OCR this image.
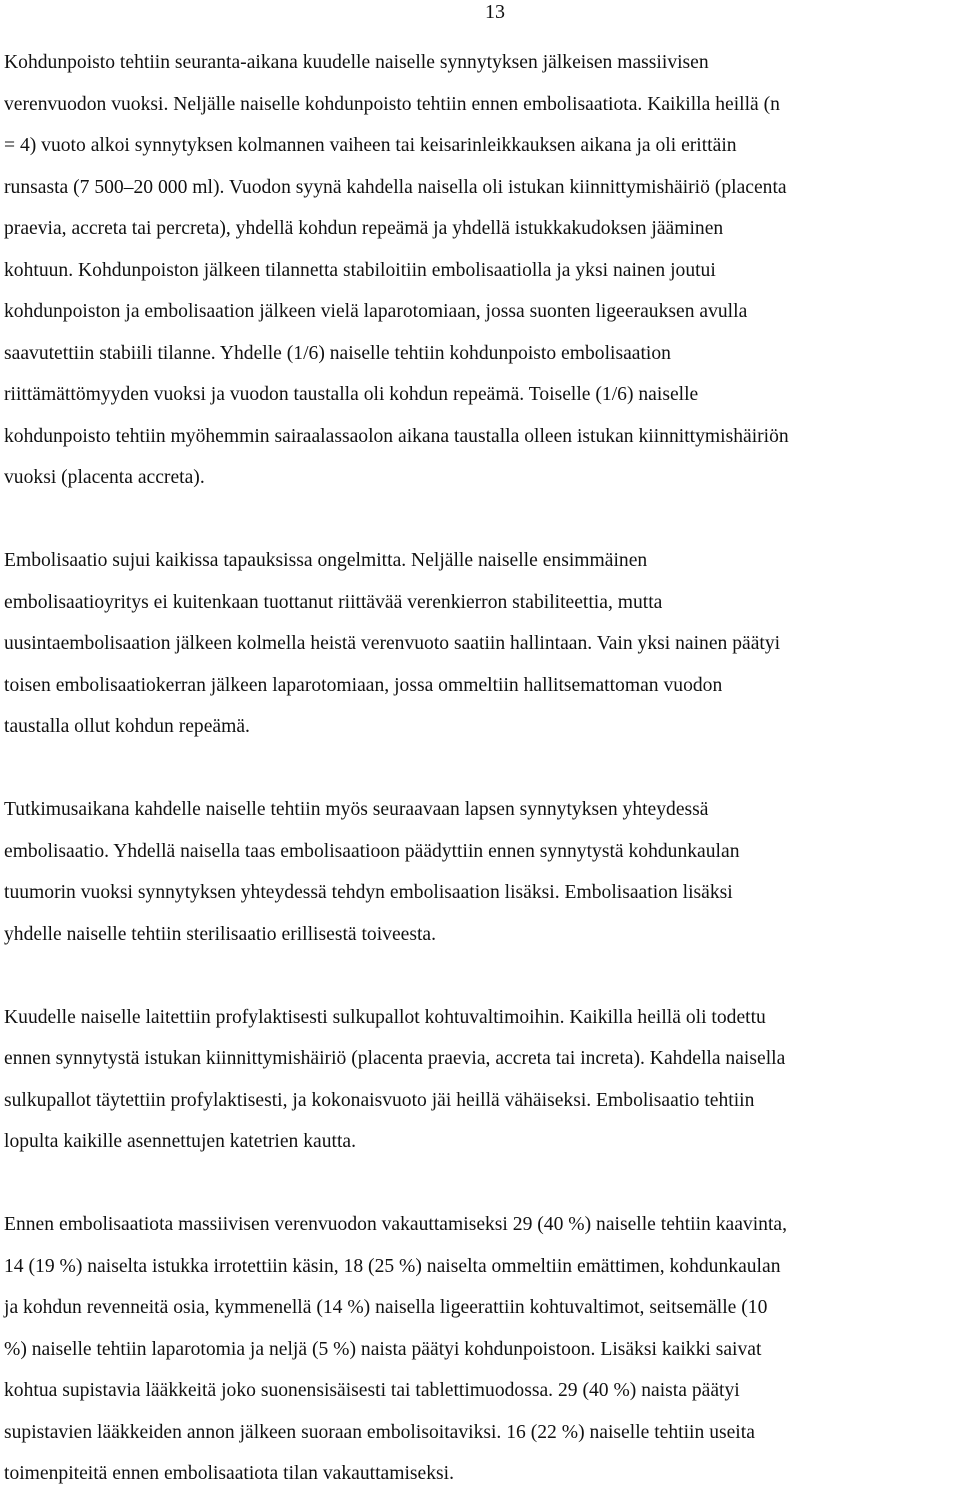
13

Kohdunpoisto tehtiin seuranta-aikana kuudelle naiselle synnytyksen jälkeisen massiivisen
verenvuodon vuoksi. Neljälle naiselle kohdunpoisto tehtiin ennen embolisaatiota. Kaikilla heillä (n
= 4) vuoto alkoi synnytyksen kolmannen vaiheen tai keisarinleikkauksen aikana ja oli erittäin
runsasta (7 500–20 000 ml). Vuodon syynä kahdella naisella oli istukan kiinnittymishäiriö (placenta
praevia, accreta tai percreta), yhdellä kohdun repeämä ja yhdellä istukkakudoksen jääminen
kohtuun. Kohdunpoiston jälkeen tilannetta stabiloitiin embolisaatiolla ja yksi nainen joutui
kohdunpoiston ja embolisaation jälkeen vielä laparotomiaan, jossa suonten ligeerauksen avulla
saavutettiin stabiili tilanne. Yhdelle (1/6) naiselle tehtiin kohdunpoisto embolisaation
riittämättömyyden vuoksi ja vuodon taustalla oli kohdun repeämä. Toiselle (1/6) naiselle
kohdunpoisto tehtiin myöhemmin sairaalassaolon aikana taustalla olleen istukan kiinnittymishäiriön
vuoksi (placenta accreta).

Embolisaatio sujui kaikissa tapauksissa ongelmitta. Neljälle naiselle ensimmäinen
embolisaatioyritys ei kuitenkaan tuottanut riittävää verenkierron stabiliteettia, mutta
uusintaembolisaation jälkeen kolmella heistä verenvuoto saatiin hallintaan. Vain yksi nainen päätyi
toisen embolisaatiokerran jälkeen laparotomiaan, jossa ommeltiin hallitsemattoman vuodon
taustalla ollut kohdun repeämä.

Tutkimusaikana kahdelle naiselle tehtiin myös seuraavaan lapsen synnytyksen yhteydessä
embolisaatio. Yhdellä naisella taas embolisaatioon päädyttiin ennen synnytystä kohdunkaulan
tuumorin vuoksi synnytyksen yhteydessä tehdyn embolisaation lisäksi. Embolisaation lisäksi
yhdelle naiselle tehtiin sterilisaatio erillisestä toiveesta.

Kuudelle naiselle laitettiin profylaktisesti sulkupallot kohtuvaltimoihin. Kaikilla heillä oli todettu
ennen synnytystä istukan kiinnittymishäiriö (placenta praevia, accreta tai increta). Kahdella naisella
sulkupallot täytettiin profylaktisesti, ja kokonaisvuoto jäi heillä vähäiseksi. Embolisaatio tehtiin
lopulta kaikille asennettujen katetrien kautta.

Ennen embolisaatiota massiivisen verenvuodon vakauttamiseksi 29 (40 %) naiselle tehtiin kaavinta,
14 (19 %) naiselta istukka irrotettiin käsin, 18 (25 %) naiselta ommeltiin emättimen, kohdunkaulan
ja kohdun revenneitä osia, kymmenellä (14 %) naisella ligeerattiin kohtuvaltimot, seitsemälle (10
%) naiselle tehtiin laparotomia ja neljä (5 %) naista päätyi kohdunpoistoon. Lisäksi kaikki saivat
kohtua supistavia lääkkeitä joko suonensisäisesti tai tablettimuodossa. 29 (40 %) naista päätyi
supistavien lääkkeiden annon jälkeen suoraan embolisoitaviksi. 16 (22 %) naiselle tehtiin useita
toimenpiteitä ennen embolisaatiota tilan vakauttamiseksi.
